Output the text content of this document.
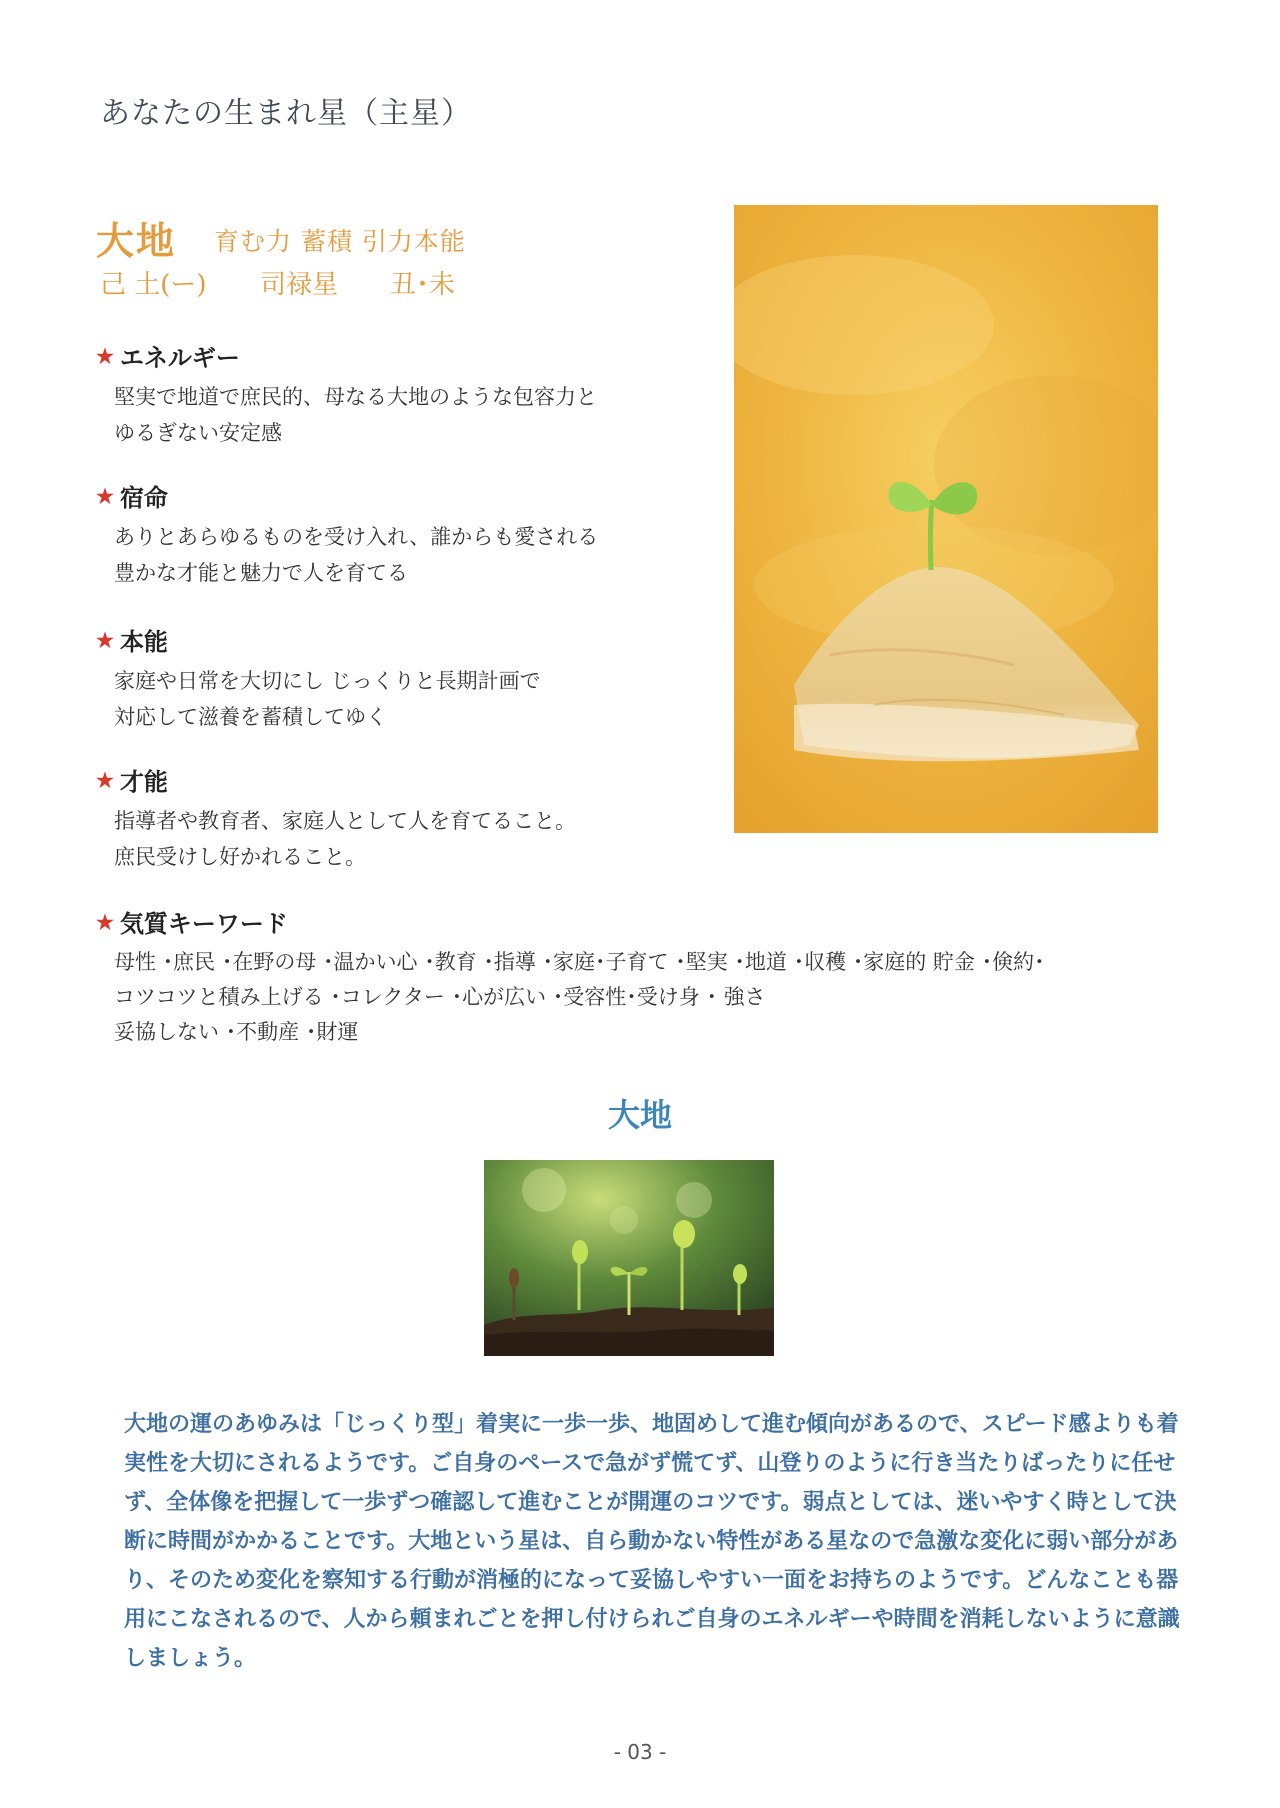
あなたの生まれ星（主星）
大地 育む力 蓄積 引力本能
己 土(ー)	司禄星	丑･未
★ エネルギー
堅実で地道で庶民的、母なる大地のような包容力と
ゆるぎない安定感
★ 宿命
ありとあらゆるものを受け入れ、誰からも愛される
豊かな才能と魅力で人を育てる
★ 本能
家庭や日常を大切にし じっくりと長期計画で
対応して滋養を蓄積してゆく
★ 才能
指導者や教育者、家庭人として人を育てること。
庶民受けし好かれること。
★ 気質キーワード
母性 ･庶民 ･在野の母 ･温かい心 ･教育 ･指導 ･家庭･子育て ･堅実 ･地道 ･収穫 ･家庭的 貯金 ･倹約･
コツコツと積み上げる ･コレクター ･心が広い ･受容性･受け身 ･ 強さ
妥協しない ･不動産 ･財運
大地
大地の運のあゆみは「じっくり型」着実に一歩一歩、地固めして進む傾向があるので、スピード感よりも着実性を大切にされるようです。ご自身のペースで急がず慌てず、山登りのように行き当たりばったりに任せず、全体像を把握して一歩ずつ確認して進むことが開運のコツです。弱点としては、迷いやすく時として決断に時間がかかることです。大地という星は、自ら動かない特性がある星なので急激な変化に弱い部分があり、そのため変化を察知する行動が消極的になって妥協しやすい一面をお持ちのようです。どんなことも器用にこなされるので、人から頼まれごとを押し付けられご自身のエネルギーや時間を消耗しないように意識しましょう。
- 03 -
